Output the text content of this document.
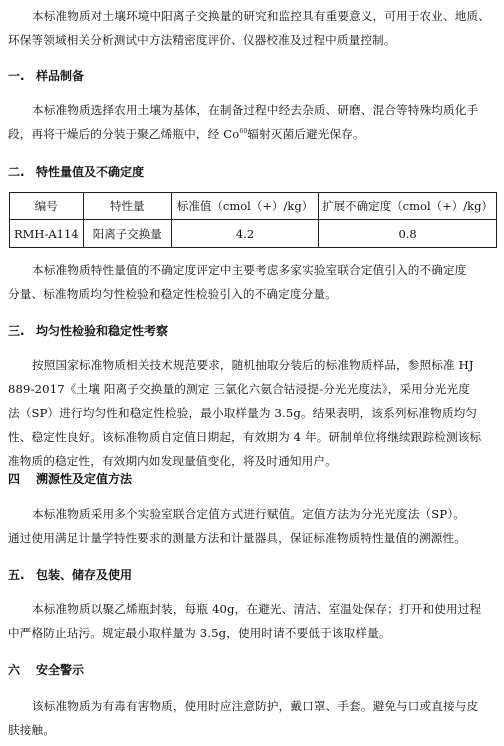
本标准物质对土壤环境中阳离子交换量的研究和监控具有重要意义，可用于农业、地质、
环保等领域相关分析测试中方法精密度评价、仪器校准及过程中质量控制。
一. 样品制备
本标准物质选择农用土壤为基体，在制备过程中经去杂质、研磨、混合等特殊均质化手
段，再将干燥后的分装于聚乙烯瓶中，经 Co$^{60}$辐射灭菌后避光保存。
二. 特性量值及不确定度
编号	特性量	标准值（cmol（+）/kg）	扩展不确定度（cmol（+）/kg）
RMH-A114	阳离子交换量	4.2	0.8
本标准物质特性量值的不确定度评定中主要考虑多家实验室联合定值引入的不确定度
分量、标准物质均匀性检验和稳定性检验引入的不确定度分量。
三. 均匀性检验和稳定性考察
按照国家标准物质相关技术规范要求，随机抽取分装后的标准物质样品，参照标准 HJ
889-2017《土壤 阳离子交换量的测定 三氯化六氨合钴浸提-分光光度法》，采用分光光度
法（SP）进行均匀性和稳定性检验，最小取样量为 3.5g。结果表明，该系列标准物质均匀
性、稳定性良好。该标准物质自定值日期起，有效期为 4 年。研制单位将继续跟踪检测该标
准物质的稳定性，有效期内如发现量值变化，将及时通知用户。
四 溯源性及定值方法
本标准物质采用多个实验室联合定值方式进行赋值。定值方法为分光光度法（SP）。
通过使用满足计量学特性要求的测量方法和计量器具，保证标准物质特性量值的溯源性。
五. 包装、储存及使用
本标准物质以聚乙烯瓶封装，每瓶 40g，在避光、清洁、室温处保存；打开和使用过程
中严格防止玷污。规定最小取样量为 3.5g，使用时请不要低于该取样量。
六 安全警示
该标准物质为有毒有害物质，使用时应注意防护，戴口罩、手套。避免与口或直接与皮
肤接触。
